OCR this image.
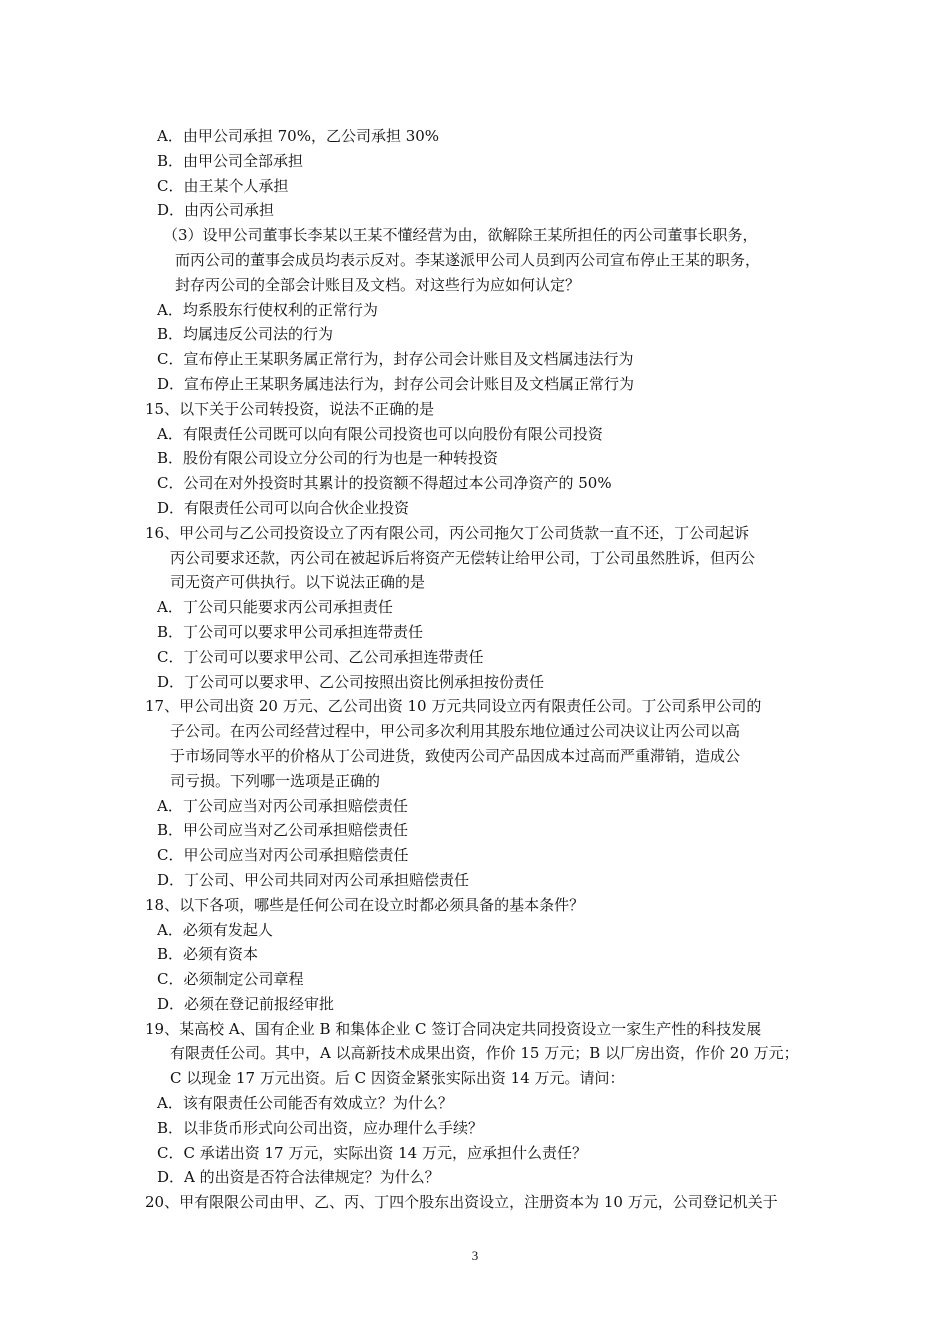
A．由甲公司承担 70%，乙公司承担 30%
B．由甲公司全部承担
C．由王某个人承担
D．由丙公司承担
（3）设甲公司董事长李某以王某不懂经营为由，欲解除王某所担任的丙公司董事长职务，
而丙公司的董事会成员均表示反对。李某遂派甲公司人员到丙公司宣布停止王某的职务，
封存丙公司的全部会计账目及文档。对这些行为应如何认定？
A．均系股东行使权利的正常行为
B．均属违反公司法的行为
C．宣布停止王某职务属正常行为，封存公司会计账目及文档属违法行为
D．宣布停止王某职务属违法行为，封存公司会计账目及文档属正常行为
15、以下关于公司转投资，说法不正确的是
A．有限责任公司既可以向有限公司投资也可以向股份有限公司投资
B．股份有限公司设立分公司的行为也是一种转投资
C．公司在对外投资时其累计的投资额不得超过本公司净资产的 50%
D．有限责任公司可以向合伙企业投资
16、甲公司与乙公司投资设立了丙有限公司，丙公司拖欠丁公司货款一直不还，丁公司起诉
丙公司要求还款，丙公司在被起诉后将资产无偿转让给甲公司，丁公司虽然胜诉，但丙公
司无资产可供执行。以下说法正确的是
A．丁公司只能要求丙公司承担责任
B．丁公司可以要求甲公司承担连带责任
C．丁公司可以要求甲公司、乙公司承担连带责任
D．丁公司可以要求甲、乙公司按照出资比例承担按份责任
17、甲公司出资 20 万元、乙公司出资 10 万元共同设立丙有限责任公司。丁公司系甲公司的
子公司。在丙公司经营过程中，甲公司多次利用其股东地位通过公司决议让丙公司以高
于市场同等水平的价格从丁公司进货，致使丙公司产品因成本过高而严重滞销，造成公
司亏损。下列哪一选项是正确的
A．丁公司应当对丙公司承担赔偿责任
B．甲公司应当对乙公司承担赔偿责任
C．甲公司应当对丙公司承担赔偿责任
D．丁公司、甲公司共同对丙公司承担赔偿责任
18、以下各项，哪些是任何公司在设立时都必须具备的基本条件？
A．必须有发起人
B．必须有资本
C．必须制定公司章程
D．必须在登记前报经审批
19、某高校 A、国有企业 B 和集体企业 C 签订合同决定共同投资设立一家生产性的科技发展
有限责任公司。其中，A 以高新技术成果出资，作价 15 万元；B 以厂房出资，作价 20 万元；
C 以现金 17 万元出资。后 C 因资金紧张实际出资 14 万元。请问：
A．该有限责任公司能否有效成立？为什么？
B．以非货币形式向公司出资，应办理什么手续？
C．C 承诺出资 17 万元，实际出资 14 万元，应承担什么责任？
D．A 的出资是否符合法律规定？为什么？
20、甲有限限公司由甲、乙、丙、丁四个股东出资设立，注册资本为 10 万元，公司登记机关于
3
